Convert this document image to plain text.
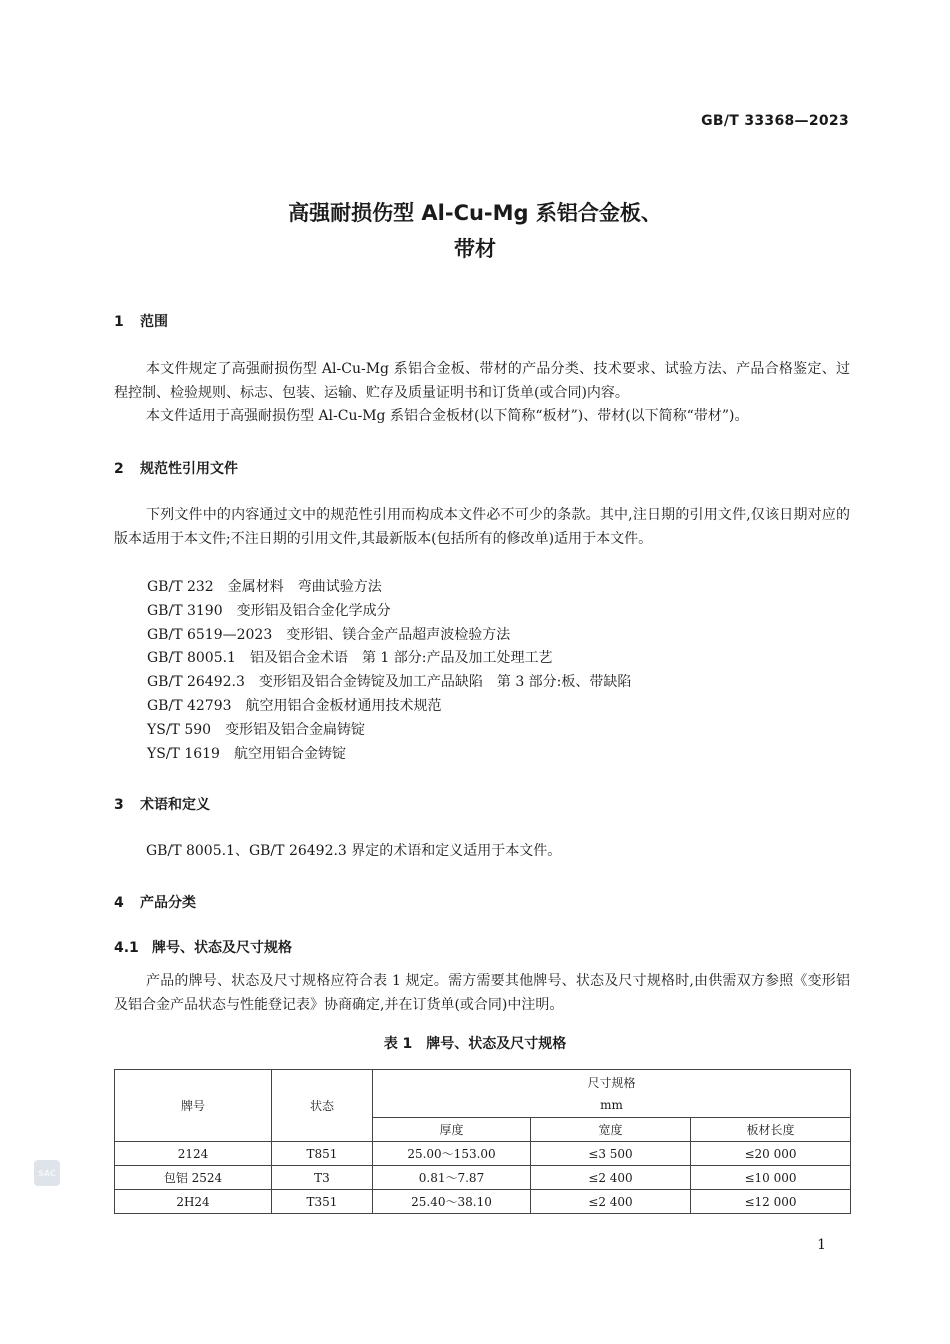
GB/T 33368—2023
高强耐损伤型 Al-Cu-Mg 系铝合金板、
带材
1 范围
本文件规定了高强耐损伤型 Al-Cu-Mg 系铝合金板、带材的产品分类、技术要求、试验方法、产品合格鉴定、过程控制、检验规则、标志、包装、运输、贮存及质量证明书和订货单(或合同)内容。
本文件适用于高强耐损伤型 Al-Cu-Mg 系铝合金板材(以下简称“板材”)、带材(以下简称“带材”)。
2 规范性引用文件
下列文件中的内容通过文中的规范性引用而构成本文件必不可少的条款。其中,注日期的引用文件,仅该日期对应的版本适用于本文件;不注日期的引用文件,其最新版本(包括所有的修改单)适用于本文件。
GB/T 232 金属材料　弯曲试验方法
GB/T 3190 变形铝及铝合金化学成分
GB/T 6519—2023 变形铝、镁合金产品超声波检验方法
GB/T 8005.1 铝及铝合金术语　第 1 部分:产品及加工处理工艺
GB/T 26492.3 变形铝及铝合金铸锭及加工产品缺陷　第 3 部分:板、带缺陷
GB/T 42793 航空用铝合金板材通用技术规范
YS/T 590 变形铝及铝合金扁铸锭
YS/T 1619 航空用铝合金铸锭
3 术语和定义
GB/T 8005.1、GB/T 26492.3 界定的术语和定义适用于本文件。
4 产品分类
4.1 牌号、状态及尺寸规格
产品的牌号、状态及尺寸规格应符合表 1 规定。需方需要其他牌号、状态及尺寸规格时,由供需双方参照《变形铝及铝合金产品状态与性能登记表》协商确定,并在订货单(或合同)中注明。
表 1　牌号、状态及尺寸规格
牌号	状态	尺寸规格
mm		

		厚度	宽度	板材长度
2124	T851	25.00～153.00	≤3 500	≤20 000
包铝 2524	T3	0.81～7.87	≤2 400	≤10 000
2H24	T351	25.40～38.10	≤2 400	≤12 000
SAC
1
